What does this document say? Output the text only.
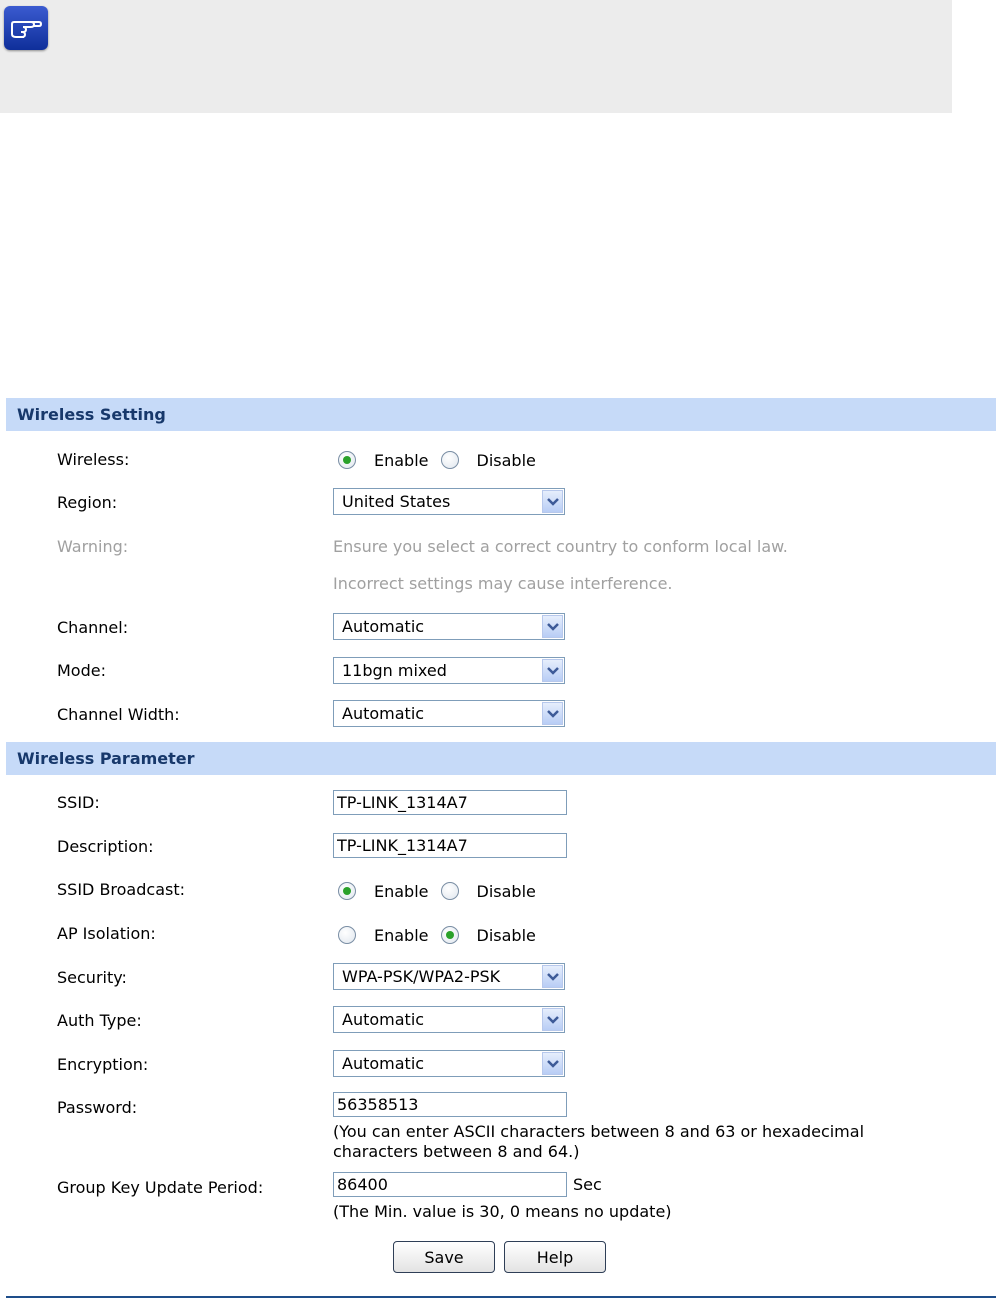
Wireless Setting
Wireless:	Enable	Disable
Region:	United States
Warning:	Ensure you select a correct country to conform local law.
Incorrect settings may cause interference.
Channel:	Automatic
Mode:	11bgn mixed
Channel Width:	Automatic
Wireless Parameter
SSID:
TP-LINK_1314A7
Description:
TP-LINK_1314A7
SSID Broadcast:	Enable	Disable
AP Isolation:	Enable	Disable
Security:	WPA-PSK/WPA2-PSK
Auth Type:	Automatic
Encryption:	Automatic
Password:
56358513
(You can enter ASCII characters between 8 and 63 or hexadecimal
characters between 8 and 64.)
Group Key Update Period:
86400	Sec
(The Min. value is 30, 0 means no update)
Save	Help
